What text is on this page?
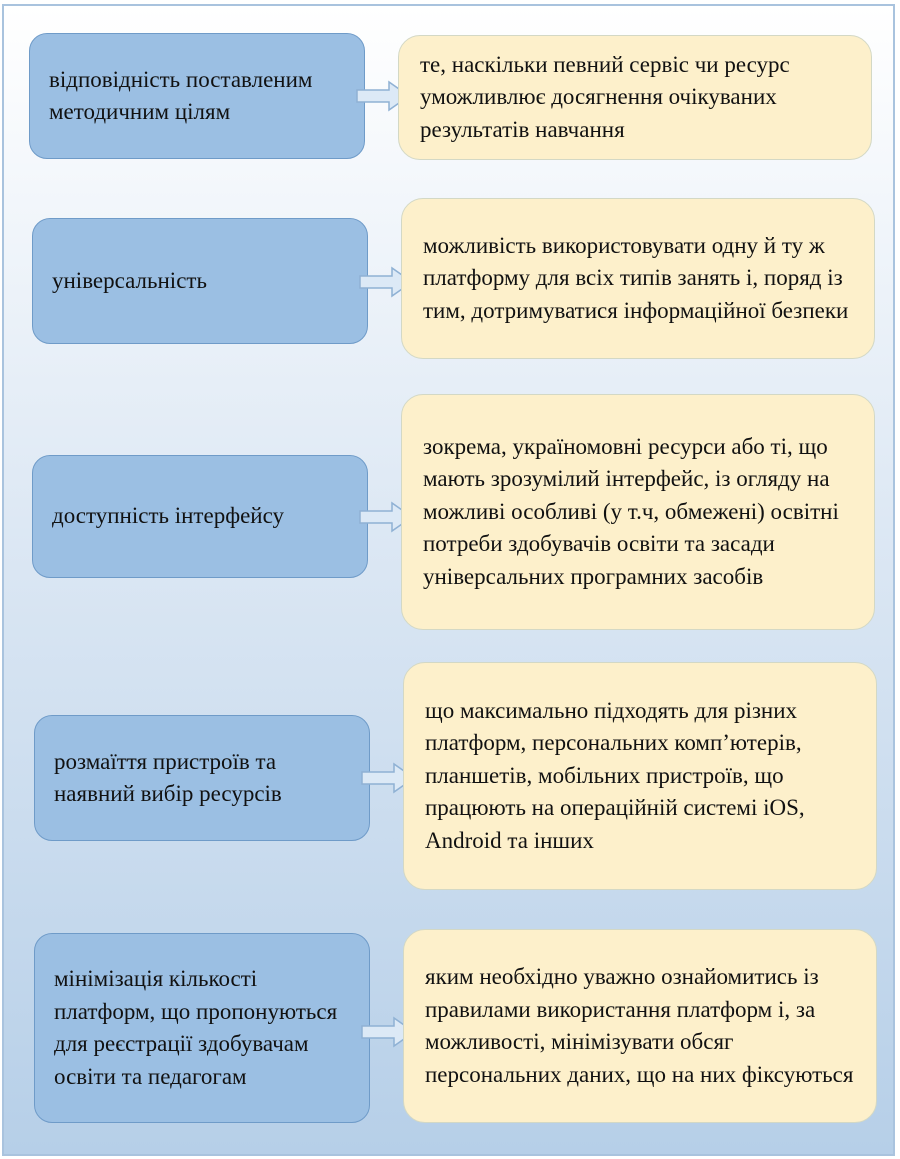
відповідність поставленим методичним цілям
те, наскільки певний сервіс чи ресурс уможливлює досягнення очікуваних результатів навчання
універсальність
можливість використовувати одну й ту ж платформу для всіх типів занять і, поряд із тим, дотримуватися інформаційної безпеки
доступність інтерфейсу
зокрема, україномовні ресурси або ті, що мають зрозумілий інтерфейс, із огляду на можливі особливі (у т.ч, обмежені) освітні потреби здобувачів освіти та засади універсальних програмних засобів
розмаїття пристроїв та наявний вибір ресурсів
що максимально підходять для різних платформ, персональних комп’ютерів, планшетів, мобільних пристроїв, що працюють на операційній системі iOS, Android та інших
мінімізація кількості платформ, що пропонуються для реєстрації здобувачам освіти та педагогам
яким необхідно уважно ознайомитись із правилами використання платформ і, за можливості, мінімізувати обсяг персональних даних, що на них фіксуються
